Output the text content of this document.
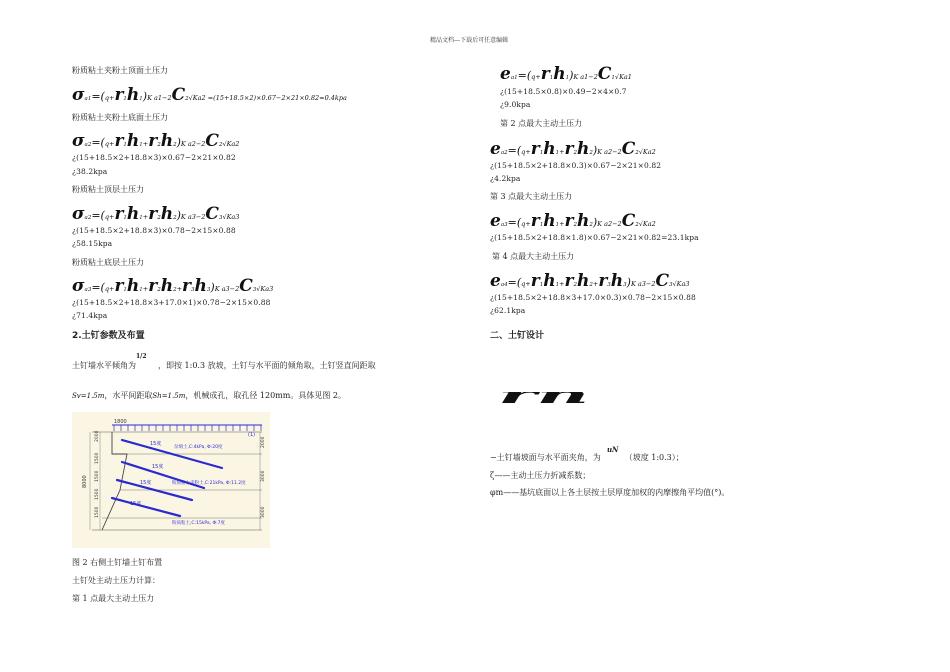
精品文档---下载后可任意编辑
粉质粘土夹粉土顶面土压力
σa1=(q+r1h1)K a1−2C2√Ka2 =(15+18.5×2)×0.67−2×21×0.82=0.4kpa
粉质粘土夹粉土底面土压力
σa2=(q+r1h1+r2h2)K a2−2C2√Ka2
¿(15+18.5×2+18.8×3)×0.67−2×21×0.82
¿38.2kpa
粉质粘土顶层土压力
σa2=(q+r1h1+r2h2)K a3−2C3√Ka3
¿(15+18.5×2+18.8×3)×0.78−2×15×0.88
¿58.15kpa
粉质粘土底层土压力
σa3=(q+r1h1+r2h2+r3h3)K a3−2C3√Ka3
¿(15+18.5×2+18.8×3+17.0×1)×0.78−2×15×0.88
¿71.4kpa
2.土钉参数及布置
土钉墙水平倾角为1/2，即按 1:0.3 放坡，土钉与水平面的倾角取，土钉竖直间距取
Sv=1.5m，水平间距取Sh=1.5m，机械成孔，取孔径 120mm。具体见图 2。
1800
(1)
15度
15度
15度
15度
杂填土,C:4kPa, Φ:20度
粉质粘土夹粉土,C:21kPa, Φ:11.2度
粉质粘土,C:15kPa, Φ:7度
8000
2000
1500
1500
1500
1500
2000
3000
3000
图 2 右侧土钉墙土钉布置
土钉处主动土压力计算：
第 1 点最大主动土压力
ea1=(q+r1h1)K a1−2C1√Ka1
¿(15+18.5×0.8)×0.49−2×4×0.7
¿9.0kpa
第 2 点最大主动土压力
ea2=(q+r1h1+r2h2)K a2−2C2√Ka2
¿(15+18.5×2+18.8×0.3)×0.67−2×21×0.82
¿4.2kpa
第 3 点最大主动土压力
ea3=(q+r1h1+r2h2)K a2−2C2√Ka2
¿(15+18.5×2+18.8×1.8)×0.67−2×21×0.82=23.1kpa
第 4 点最大主动土压力
ea4=(q+r1h1+r2h2+r3h3)K a3−2C3√Ka3
¿(15+18.5×2+18.8×3+17.0×0.3)×0.78−2×15×0.88
¿62.1kpa
二、土钉设计
rn
−土钉墙坡面与水平面夹角，为uN（坡度 1:0.3）；
ζ——主动土压力折减系数；
φm——基坑底面以上各土层按土层厚度加权的内摩擦角平均值(°)。
